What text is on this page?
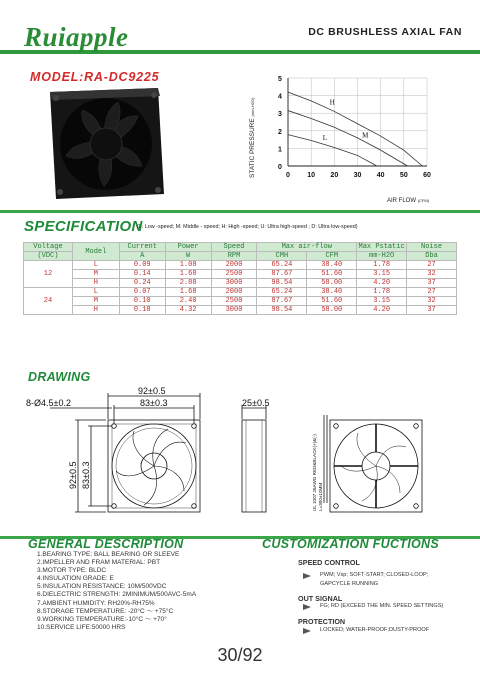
Ruiapple	DC BRUSHLESS AXIAL FAN
MODEL:RA-DC9225
H
M
L
0
1
2
3
4
5
0 10 20 30 40 50 60
STATIC PRESSURE (mm-H2O)
AIR FLOW (CFM)
SPECIFICATION
(L: Low -speed; M: Middle - speed; H: High -speed; U: Ultra high-speed ; D: Ultra low-speed)
Voltage	Model	Current	Power	Speed	Max air-flow		Max Pstatic	Noise
(VDC)		A	W	RPM	CMH	CFM	mm-H2O	Dba
12	L	0.09	1.08	2000	65.24	38.40	1.78	27
	M	0.14	1.68	2500	87.67	51.60	3.15	32
	H	0.24	2.88	3000	98.54	58.00	4.20	37
24	L	0.07	1.68	2000	65.24	38.40	1.78	27
	M	0.10	2.40	2500	87.67	51.60	3.15	32
	H	0.18	4.32	3000	98.54	58.00	4.20	37
DRAWING
92±0.5
83±0.3
8-Ø4.5±0.2
92±0.5 83±0.3
25±0.5
UL 1007 26AWG RED&BLACK(+)&(-) L=300±10MM
GENERAL DESCRIPTION
1.BEARING TYPE: BALL BEARING OR SLEEVE
2.IMPELLER AND FRAM MATERIAL: PBT
3.MOTOR TYPE: BLDC
4.INSULATION GRADE: E
5.INSULATION RESISTANCE: 10M/500VDC
6.DIELECTRIC STRENGTH: 2MINIMUM/500AVC-5mA
7.AMBIENT HUMIDITY: RH20%-RH75%
8.STORAGE TEMPERATURE: -20°C ～ +75°C
9.WORKING TEMPERATURE:-10°C ～ +70°
10.SERVICE LIFE:50000 HRS
CUSTOMIZATION FUCTIONS
SPEED CONTROL
PWM; Vsp; SOFT-START; CLOSED-LOOP;
GAPCYCLE RUNNING
OUT SIGNAL
FG; RD (EXCEED THE MIN. SPEED SETTINGS)
PROTECTION
LOCKED; WATER-PROOF;DUSTY-PROOF
30/92
